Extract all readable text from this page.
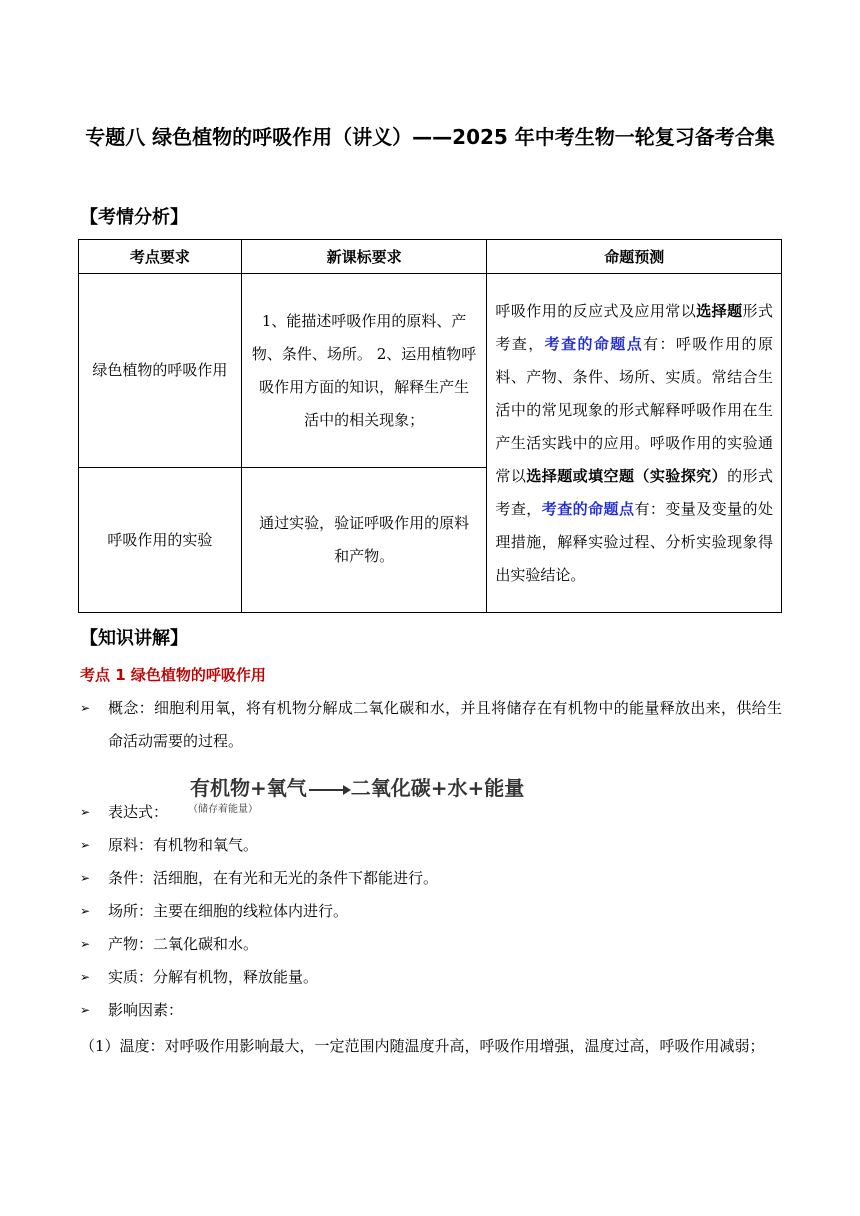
专题八 绿色植物的呼吸作用（讲义）——2025 年中考生物一轮复习备考合集
【考情分析】
考点要求	新课标要求	命题预测
绿色植物的呼吸作用	1、能描述呼吸作用的原料、产物、条件、场所。 2、运用植物呼吸作用方面的知识，解释生产生活中的相关现象；	呼吸作用的反应式及应用常以选择题形式考查，考查的命题点有：呼吸作用的原料、产物、条件、场所、实质。常结合生活中的常见现象的形式解释呼吸作用在生产生活实践中的应用。呼吸作用的实验通常以选择题或填空题（实验探究）的形式考查，考查的命题点有：变量及变量的处理措施，解释实验过程、分析实验现象得出实验结论。
呼吸作用的实验	通过实验，验证呼吸作用的原料和产物。	
【知识讲解】
考点 1 绿色植物的呼吸作用
➢ 概念：细胞利用氧，将有机物分解成二氧化碳和水，并且将储存在有机物中的能量释放出来，供给生命活动需要的过程。
有机物+氧气 → 二氧化碳+水+能量
（储存着能量）
➢ 表达式：
➢ 原料：有机物和氧气。
➢ 条件：活细胞，在有光和无光的条件下都能进行。
➢ 场所：主要在细胞的线粒体内进行。
➢ 产物：二氧化碳和水。
➢ 实质：分解有机物，释放能量。
➢ 影响因素：
（1）温度：对呼吸作用影响最大，一定范围内随温度升高，呼吸作用增强，温度过高，呼吸作用减弱；
